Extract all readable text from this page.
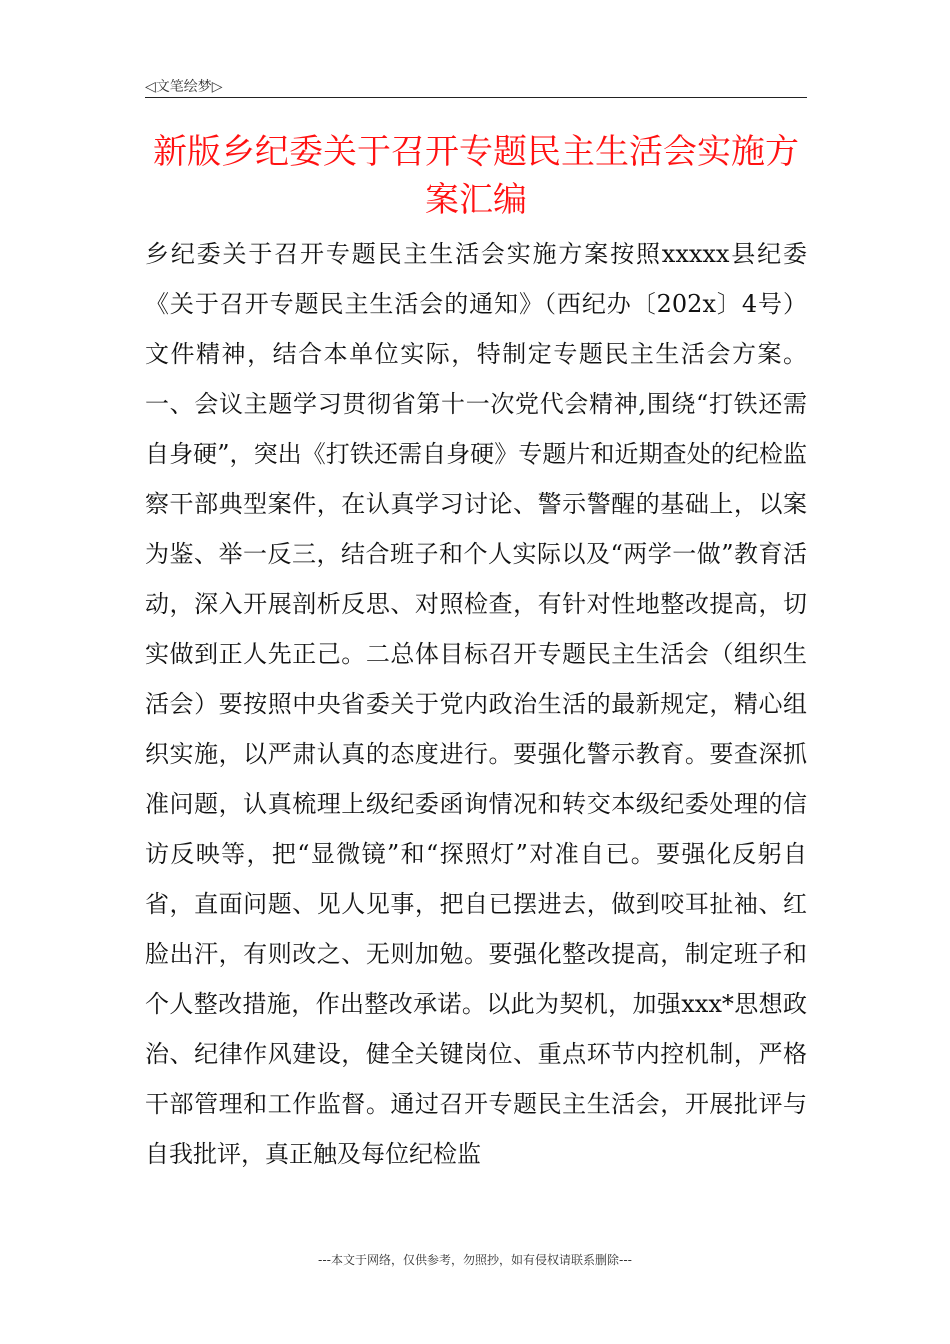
◁文笔绘梦▷
新版乡纪委关于召开专题民主生活会实施方案汇编

乡纪委关于召开专题民主生活会实施方案按照xxxxx县纪委《关于召开专题民主生活会的通知》（西纪办〔202x〕4号）文件精神，结合本单位实际，特制定专题民主生活会方案。一、会议主题学习贯彻省第十一次党代会精神,围绕“打铁还需自身硬”，突出《打铁还需自身硬》专题片和近期查处的纪检监察干部典型案件，在认真学习讨论、警示警醒的基础上，以案为鉴、举一反三，结合班子和个人实际以及“两学一做”教育活动，深入开展剖析反思、对照检查，有针对性地整改提高，切实做到正人先正己。二总体目标召开专题民主生活会（组织生活会）要按照中央省委关于党内政治生活的最新规定，精心组织实施，以严肃认真的态度进行。要强化警示教育。要查深抓准问题，认真梳理上级纪委函询情况和转交本级纪委处理的信访反映等，把“显微镜”和“探照灯”对准自已。要强化反躬自省，直面问题、见人见事，把自已摆进去，做到咬耳扯袖、红脸出汗，有则改之、无则加勉。要强化整改提高，制定班子和个人整改措施，作出整改承诺。以此为契机，加强xxx*思想政治、纪律作风建设，健全关键岗位、重点环节内控机制，严格干部管理和工作监督。通过召开专题民主生活会，开展批评与自我批评，真正触及每位纪检监

---本文于网络，仅供参考，勿照抄，如有侵权请联系删除---
